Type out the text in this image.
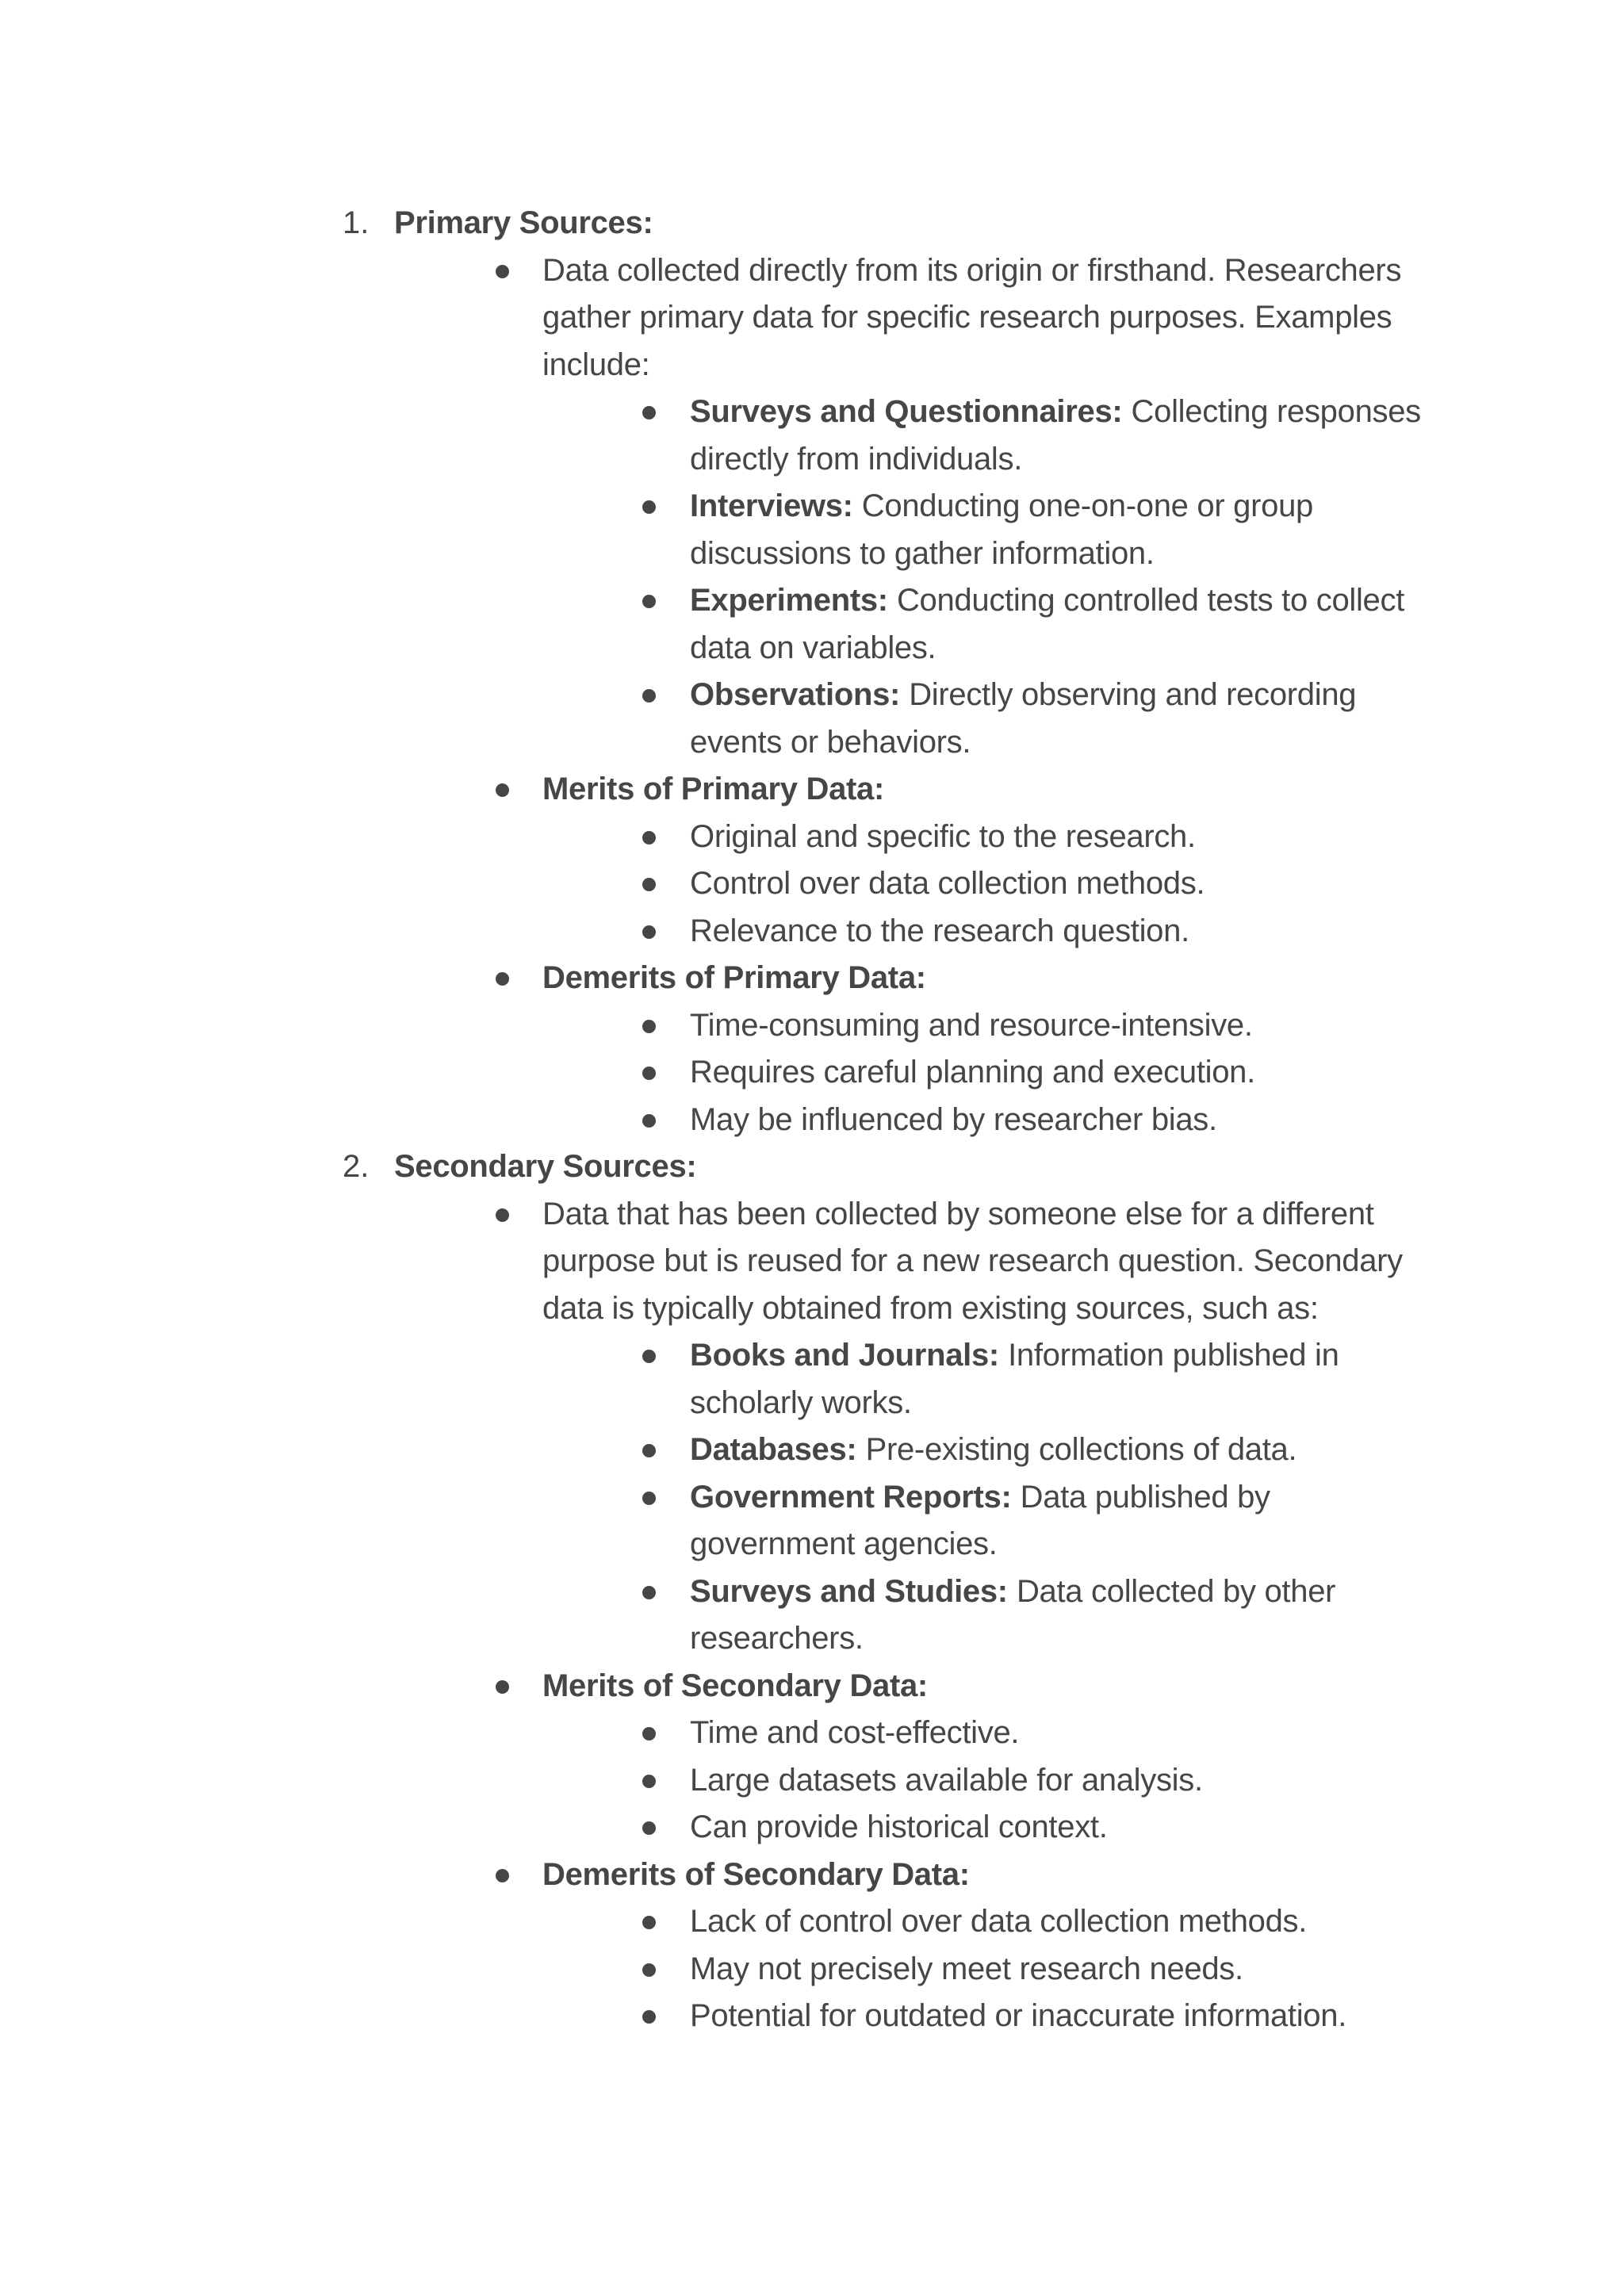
1. Primary Sources:
Data collected directly from its origin or firsthand. Researchers gather primary data for specific research purposes. Examples include:
Surveys and Questionnaires: Collecting responses directly from individuals.
Interviews: Conducting one-on-one or group discussions to gather information.
Experiments: Conducting controlled tests to collect data on variables.
Observations: Directly observing and recording events or behaviors.
Merits of Primary Data:
Original and specific to the research.
Control over data collection methods.
Relevance to the research question.
Demerits of Primary Data:
Time-consuming and resource-intensive.
Requires careful planning and execution.
May be influenced by researcher bias.
2. Secondary Sources:
Data that has been collected by someone else for a different purpose but is reused for a new research question. Secondary data is typically obtained from existing sources, such as:
Books and Journals: Information published in scholarly works.
Databases: Pre-existing collections of data.
Government Reports: Data published by government agencies.
Surveys and Studies: Data collected by other researchers.
Merits of Secondary Data:
Time and cost-effective.
Large datasets available for analysis.
Can provide historical context.
Demerits of Secondary Data:
Lack of control over data collection methods.
May not precisely meet research needs.
Potential for outdated or inaccurate information.
